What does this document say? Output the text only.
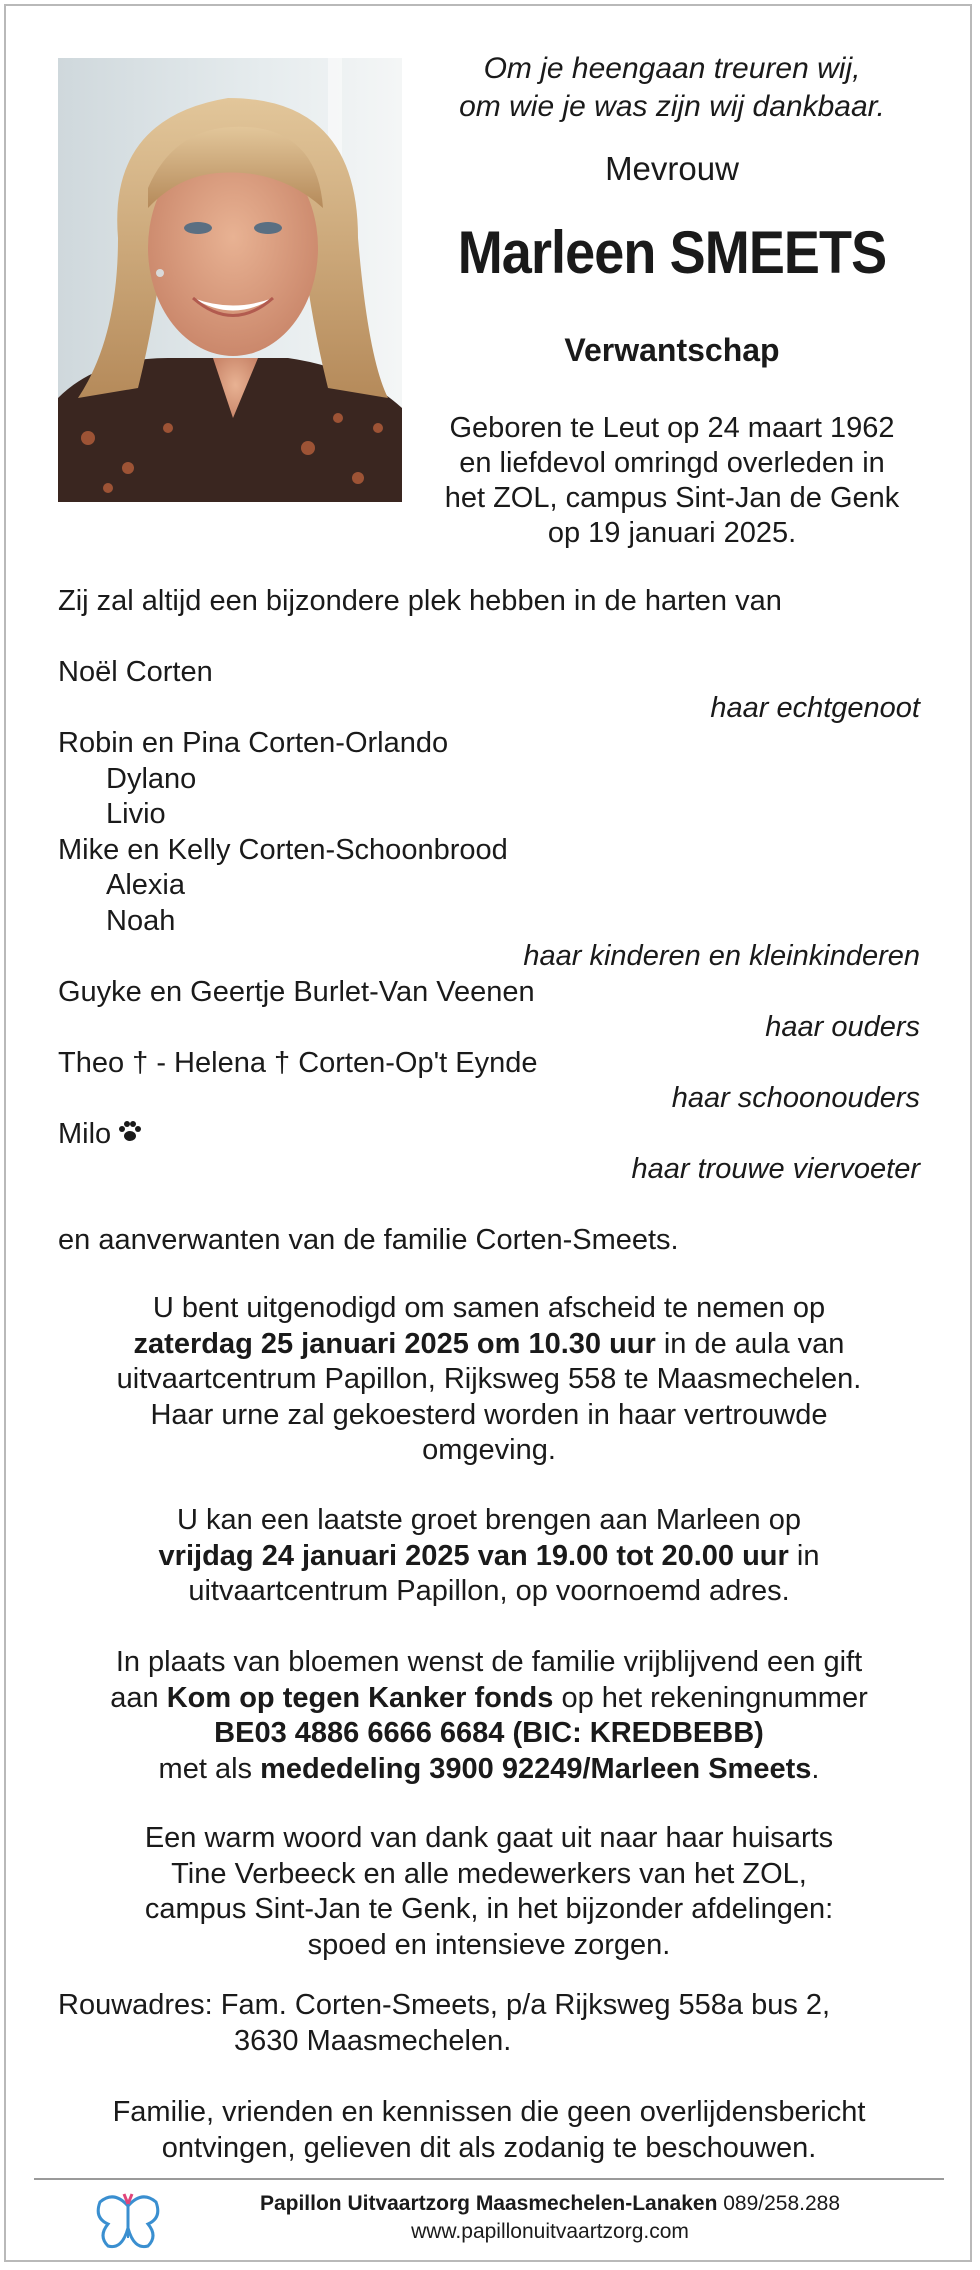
Om je heengaan treuren wij,
om wie je was zijn wij dankbaar.
Mevrouw
Marleen SMEETS
Verwantschap
Geboren te Leut op 24 maart 1962
en liefdevol omringd overleden in
het ZOL, campus Sint-Jan de Genk
op 19 januari 2025.
Zij zal altijd een bijzondere plek hebben in de harten van
Noël Corten
haar echtgenoot
Robin en Pina Corten-Orlando
Dylano
Livio
Mike en Kelly Corten-Schoonbrood
Alexia
Noah
haar kinderen en kleinkinderen
Guyke en Geertje Burlet-Van Veenen
haar ouders
Theo † - Helena † Corten-Op't Eynde
haar schoonouders
Milo
haar trouwe viervoeter
en aanverwanten van de familie Corten-Smeets.
U bent uitgenodigd om samen afscheid te nemen op
zaterdag 25 januari 2025 om 10.30 uur in de aula van
uitvaartcentrum Papillon, Rijksweg 558 te Maasmechelen.
Haar urne zal gekoesterd worden in haar vertrouwde
omgeving.
U kan een laatste groet brengen aan Marleen op
vrijdag 24 januari 2025 van 19.00 tot 20.00 uur in
uitvaartcentrum Papillon, op voornoemd adres.
In plaats van bloemen wenst de familie vrijblijvend een gift
aan Kom op tegen Kanker fonds op het rekeningnummer
BE03 4886 6666 6684 (BIC: KREDBEBB)
met als mededeling 3900 92249/Marleen Smeets.
Een warm woord van dank gaat uit naar haar huisarts
Tine Verbeeck en alle medewerkers van het ZOL,
campus Sint-Jan te Genk, in het bijzonder afdelingen:
spoed en intensieve zorgen.
Rouwadres: Fam. Corten-Smeets, p/a Rijksweg 558a bus 2,
3630 Maasmechelen.
Familie, vrienden en kennissen die geen overlijdensbericht
ontvingen, gelieven dit als zodanig te beschouwen.
Papillon Uitvaartzorg Maasmechelen-Lanaken 089/258.288
www.papillonuitvaartzorg.com
